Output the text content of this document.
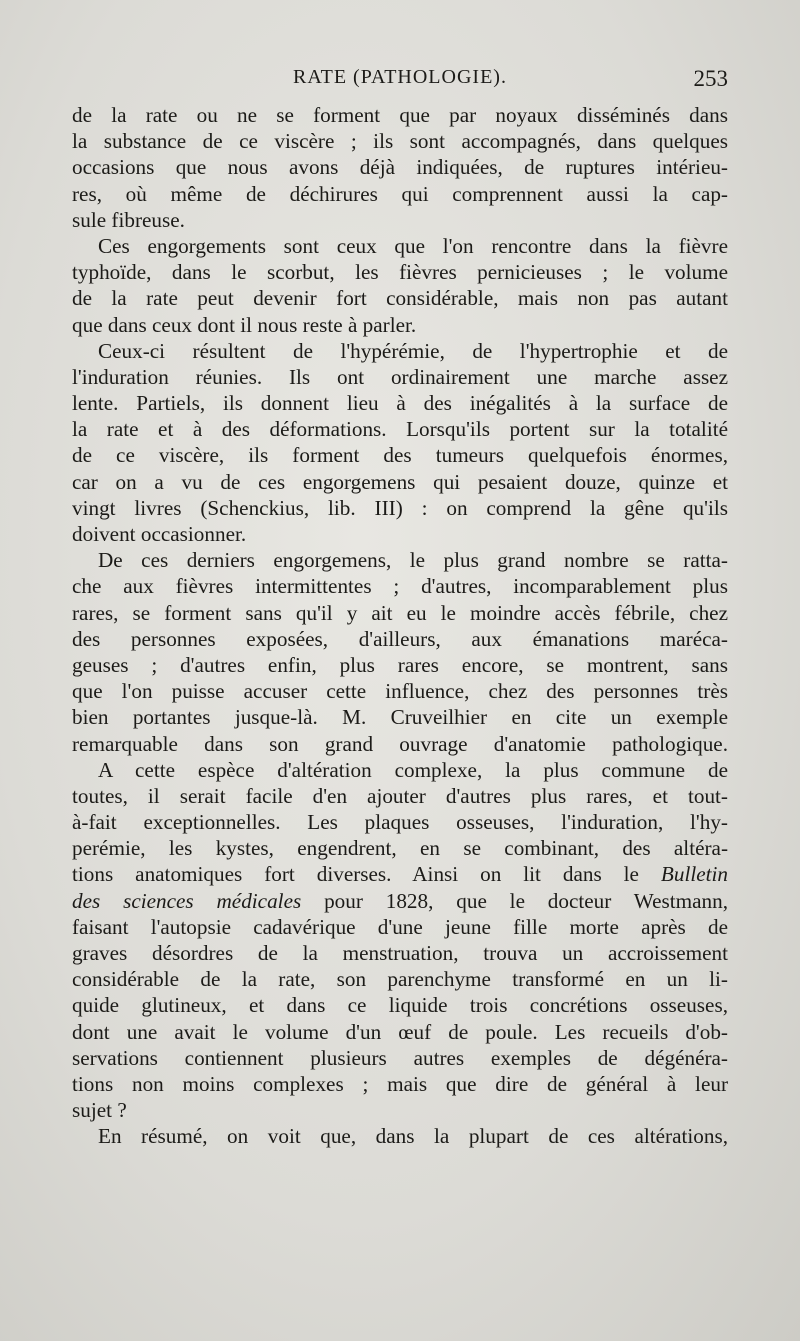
RATE (PATHOLOGIE).	253
de la rate ou ne se forment que par noyaux disséminés dans
la substance de ce viscère ; ils sont accompagnés, dans quelques
occasions que nous avons déjà indiquées, de ruptures intérieu-
res, où même de déchirures qui comprennent aussi la cap-
sule fibreuse.
Ces engorgements sont ceux que l'on rencontre dans la fièvre
typhoïde, dans le scorbut, les fièvres pernicieuses ; le volume
de la rate peut devenir fort considérable, mais non pas autant
que dans ceux dont il nous reste à parler.
Ceux-ci résultent de l'hypérémie, de l'hypertrophie et de
l'induration réunies. Ils ont ordinairement une marche assez
lente. Partiels, ils donnent lieu à des inégalités à la surface de
la rate et à des déformations. Lorsqu'ils portent sur la totalité
de ce viscère, ils forment des tumeurs quelquefois énormes,
car on a vu de ces engorgemens qui pesaient douze, quinze et
vingt livres (Schenckius, lib. III) : on comprend la gêne qu'ils
doivent occasionner.
De ces derniers engorgemens, le plus grand nombre se ratta-
che aux fièvres intermittentes ; d'autres, incomparablement plus
rares, se forment sans qu'il y ait eu le moindre accès fébrile, chez
des personnes exposées, d'ailleurs, aux émanations maréca-
geuses ; d'autres enfin, plus rares encore, se montrent, sans
que l'on puisse accuser cette influence, chez des personnes très
bien portantes jusque-là. M. Cruveilhier en cite un exemple
remarquable dans son grand ouvrage d'anatomie pathologique.
A cette espèce d'altération complexe, la plus commune de
toutes, il serait facile d'en ajouter d'autres plus rares, et tout-
à-fait exceptionnelles. Les plaques osseuses, l'induration, l'hy-
perémie, les kystes, engendrent, en se combinant, des altéra-
tions anatomiques fort diverses. Ainsi on lit dans le Bulletin
des sciences médicales pour 1828, que le docteur Westmann,
faisant l'autopsie cadavérique d'une jeune fille morte après de
graves désordres de la menstruation, trouva un accroissement
considérable de la rate, son parenchyme transformé en un li-
quide glutineux, et dans ce liquide trois concrétions osseuses,
dont une avait le volume d'un œuf de poule. Les recueils d'ob-
servations contiennent plusieurs autres exemples de dégénéra-
tions non moins complexes ; mais que dire de général à leur
sujet ?
En résumé, on voit que, dans la plupart de ces altérations,
